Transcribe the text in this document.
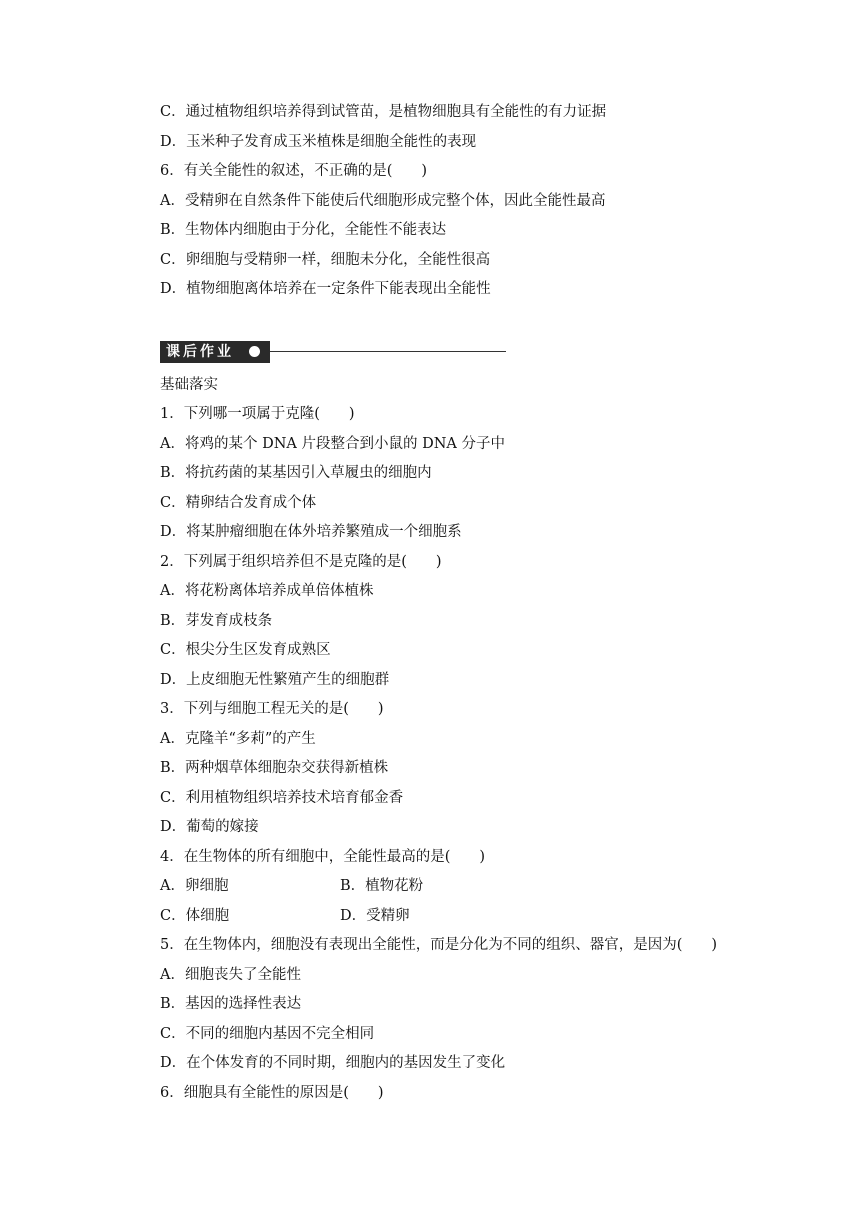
C．通过植物组织培养得到试管苗，是植物细胞具有全能性的有力证据

D．玉米种子发育成玉米植株是细胞全能性的表现

6．有关全能性的叙述，不正确的是(　　)

A．受精卵在自然条件下能使后代细胞形成完整个体，因此全能性最高

B．生物体内细胞由于分化，全能性不能表达

C．卵细胞与受精卵一样，细胞未分化，全能性很高

D．植物细胞离体培养在一定条件下能表现出全能性

课后作业

基础落实

1．下列哪一项属于克隆(　　)

A．将鸡的某个 DNA 片段整合到小鼠的 DNA 分子中

B．将抗药菌的某基因引入草履虫的细胞内

C．精卵结合发育成个体

D．将某肿瘤细胞在体外培养繁殖成一个细胞系

2．下列属于组织培养但不是克隆的是(　　)

A．将花粉离体培养成单倍体植株

B．芽发育成枝条

C．根尖分生区发育成熟区

D．上皮细胞无性繁殖产生的细胞群

3．下列与细胞工程无关的是(　　)

A．克隆羊“多莉”的产生

B．两种烟草体细胞杂交获得新植株

C．利用植物组织培养技术培育郁金香

D．葡萄的嫁接

4．在生物体的所有细胞中，全能性最高的是(　　)

A．卵细胞	B．植物花粉

C．体细胞	D．受精卵

5．在生物体内，细胞没有表现出全能性，而是分化为不同的组织、器官，是因为(　　)

A．细胞丧失了全能性

B．基因的选择性表达

C．不同的细胞内基因不完全相同

D．在个体发育的不同时期，细胞内的基因发生了变化

6．细胞具有全能性的原因是(　　)
